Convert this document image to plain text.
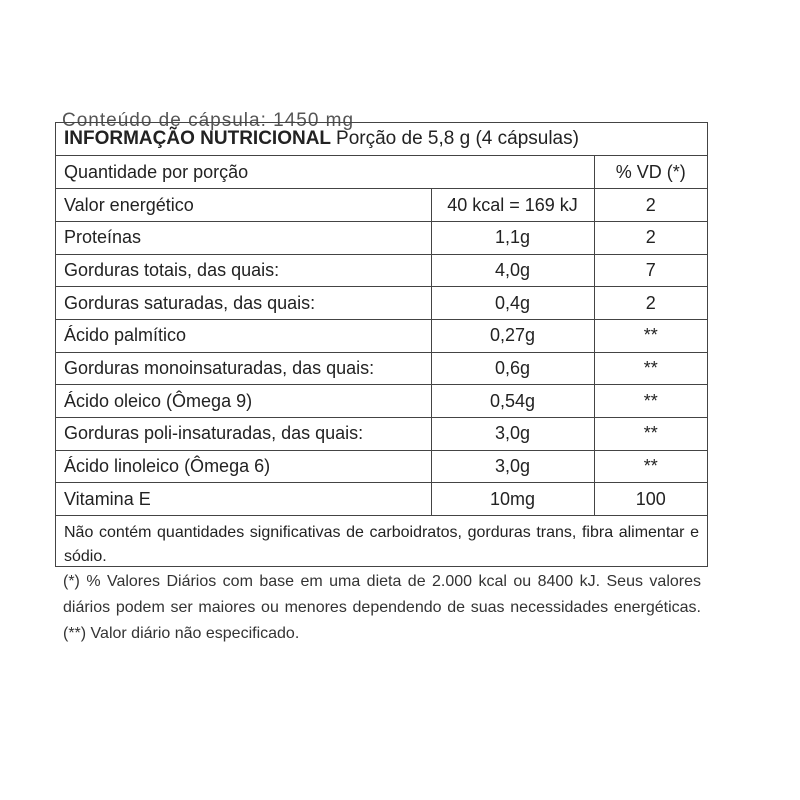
Conteúdo de cápsula: 1450 mg
INFORMAÇÃO NUTRICIONAL Porção de 5,8 g (4 cápsulas)
Quantidade por porção		% VD (*)
Valor energético	40 kcal = 169 kJ	2
Proteínas	1,1g	2
Gorduras totais, das quais:	4,0g	7
Gorduras saturadas, das quais:	0,4g	2
Ácido palmítico	0,27g	**
Gorduras monoinsaturadas, das quais:	0,6g	**
Ácido oleico (Ômega 9)	0,54g	**
Gorduras poli-insaturadas, das quais:	3,0g	**
Ácido linoleico (Ômega 6)	3,0g	**
Vitamina E	10mg	100
Não contém quantidades significativas de carboidratos, gorduras trans, fibra alimentar e sódio.
(*) % Valores Diários com base em uma dieta de 2.000 kcal ou 8400 kJ. Seus valores diários podem ser maiores ou menores dependendo de suas necessidades energéticas. (**) Valor diário não especificado.
